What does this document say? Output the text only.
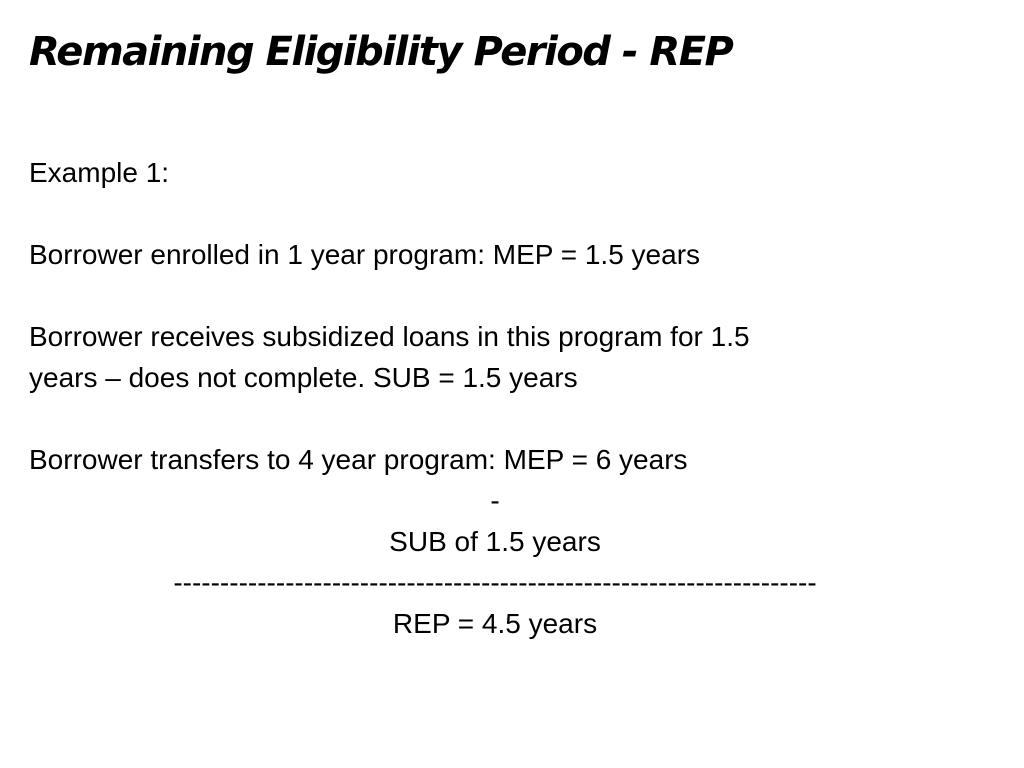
Remaining Eligibility Period - REP

Example 1:

Borrower enrolled in 1 year program: MEP = 1.5 years

Borrower receives subsidized loans in this program for 1.5

years – does not complete. SUB = 1.5 years

Borrower transfers to 4 year program: MEP = 6 years

-

SUB of 1.5 years

---------------------------------------------------------------------

REP = 4.5 years
